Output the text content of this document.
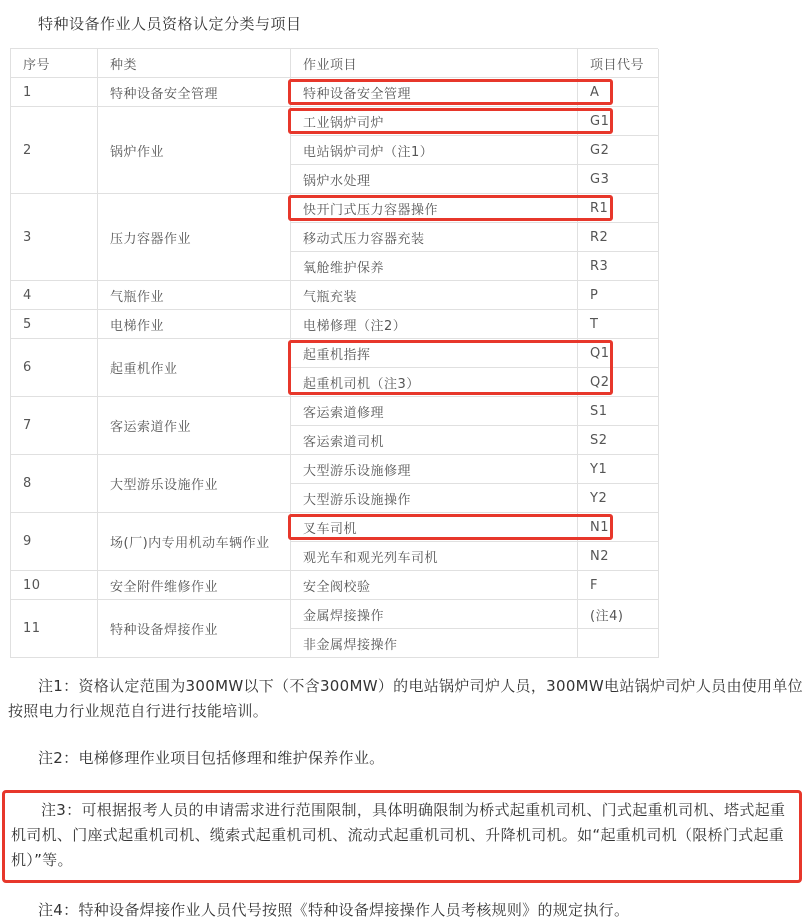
特种设备作业人员资格认定分类与项目
序号	种类	作业项目	项目代号
1	特种设备安全管理	特种设备安全管理	A
2	锅炉作业
工业锅炉司炉	G1
电站锅炉司炉（注1）	G2
锅炉水处理	G3
3	压力容器作业
快开门式压力容器操作	R1
移动式压力容器充装	R2
氧舱维护保养	R3
4	气瓶作业	气瓶充装	P
5	电梯作业	电梯修理（注2）	T
6	起重机作业
起重机指挥	Q1
起重机司机（注3）	Q2
7	客运索道作业
客运索道修理	S1
客运索道司机	S2
8	大型游乐设施作业
大型游乐设施修理	Y1
大型游乐设施操作	Y2
9	场(厂)内专用机动车辆作业
叉车司机	N1
观光车和观光列车司机	N2
10	安全附件维修作业	安全阀校验	F
11	特种设备焊接作业
金属焊接操作	(注4)
非金属焊接操作
注1：资格认定范围为300MW以下（不含300MW）的电站锅炉司炉人员，300MW电站锅炉司炉人员由使用单位按照电力行业规范自行进行技能培训。
注2：电梯修理作业项目包括修理和维护保养作业。
注3：可根据报考人员的申请需求进行范围限制，具体明确限制为桥式起重机司机、门式起重机司机、塔式起重机司机、门座式起重机司机、缆索式起重机司机、流动式起重机司机、升降机司机。如“起重机司机（限桥门式起重机）”等。
注4：特种设备焊接作业人员代号按照《特种设备焊接操作人员考核规则》的规定执行。
